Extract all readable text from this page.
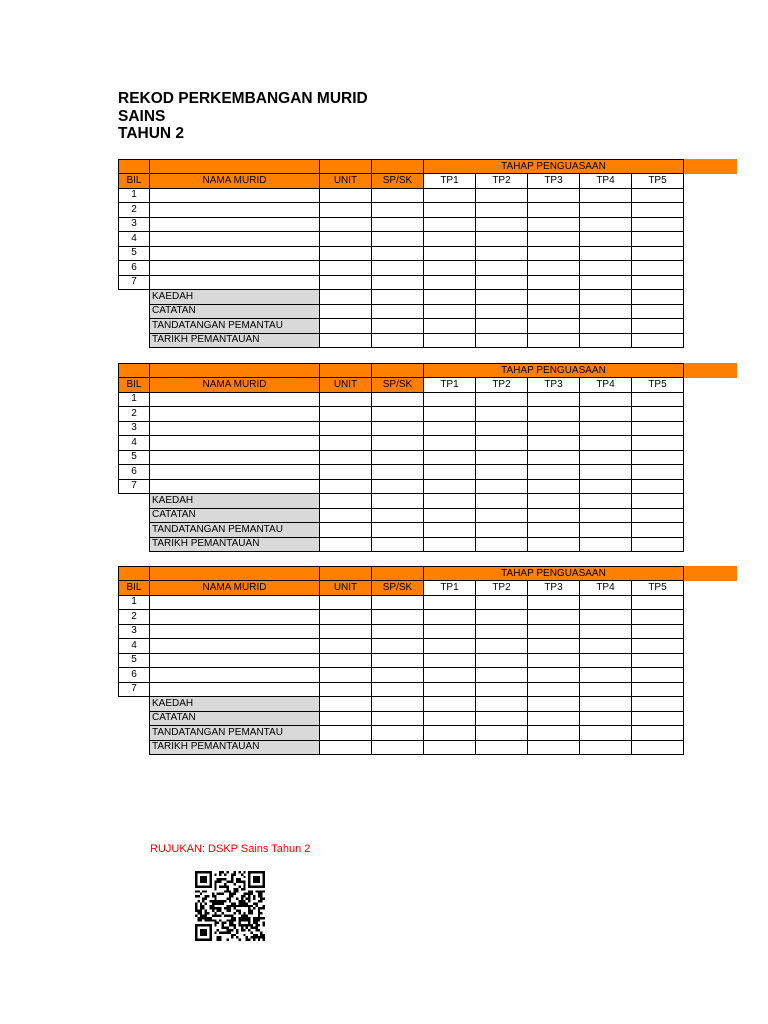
REKOD PERKEMBANGAN MURID
SAINS
TAHUN 2
				TAHAP PENGUASAAN				
BIL	NAMA MURID	UNIT	SP/SK	TP1	TP2	TP3	TP4	TP5
1								
2								
3								
4								
5								
6								
7								
	KAEDAH							
	CATATAN							
	TANDATANGAN PEMANTAU							
	TARIKH PEMANTAUAN							
				TAHAP PENGUASAAN				
BIL	NAMA MURID	UNIT	SP/SK	TP1	TP2	TP3	TP4	TP5
1								
2								
3								
4								
5								
6								
7								
	KAEDAH							
	CATATAN							
	TANDATANGAN PEMANTAU							
	TARIKH PEMANTAUAN							
				TAHAP PENGUASAAN				
BIL	NAMA MURID	UNIT	SP/SK	TP1	TP2	TP3	TP4	TP5
1								
2								
3								
4								
5								
6								
7								
	KAEDAH							
	CATATAN							
	TANDATANGAN PEMANTAU							
	TARIKH PEMANTAUAN							
RUJUKAN: DSKP Sains Tahun 2
